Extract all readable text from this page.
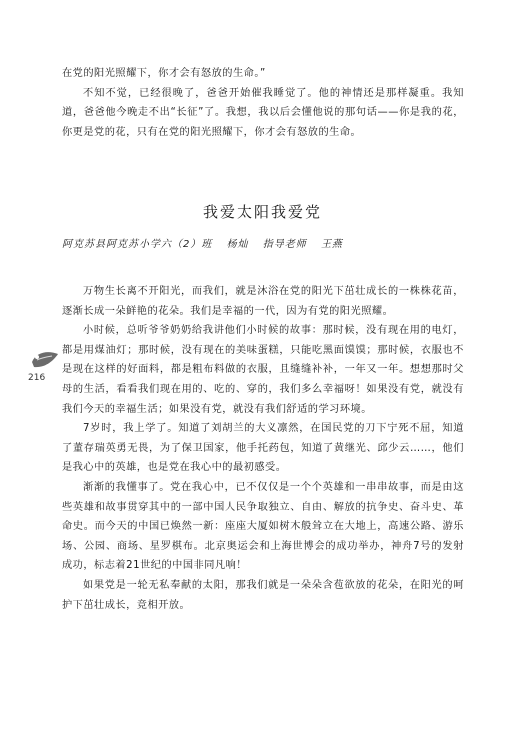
在党的阳光照耀下，你才会有怒放的生命。”

不知不觉，已经很晚了，爸爸开始催我睡觉了。他的神情还是那样凝重。我知道，爸爸他今晚走不出“长征”了。我想，我以后会懂他说的那句话——你是我的花，你更是党的花，只有在党的阳光照耀下，你才会有怒放的生命。

我爱太阳我爱党
阿克苏县阿克苏小学六（2）班 杨灿 指导老师 王燕

万物生长离不开阳光，而我们，就是沐浴在党的阳光下茁壮成长的一株株花苗，逐渐长成一朵鲜艳的花朵。我们是幸福的一代，因为有党的阳光照耀。

小时候，总听爷爷奶奶给我讲他们小时候的故事：那时候，没有现在用的电灯，都是用煤油灯；那时候，没有现在的美味蛋糕，只能吃黑面馍馍；那时候，衣服也不是现在这样的好面料，都是粗布料做的衣服，且缝缝补补，一年又一年。想想那时父母的生活，看看我们现在用的、吃的、穿的，我们多么幸福呀！如果没有党，就没有我们今天的幸福生活；如果没有党，就没有我们舒适的学习环境。

7岁时，我上学了。知道了刘胡兰的大义凛然，在国民党的刀下宁死不屈，知道了董存瑞英勇无畏，为了保卫国家，他手托药包，知道了黄继光、邱少云……，他们是我心中的英雄，也是党在我心中的最初感受。

渐渐的我懂事了。党在我心中，已不仅仅是一个个英雄和一串串故事，而是由这些英雄和故事贯穿其中的一部中国人民争取独立、自由、解放的抗争史、奋斗史、革命史。而今天的中国已焕然一新：座座大厦如树木般耸立在大地上，高速公路、游乐场、公园、商场、星罗棋布。北京奥运会和上海世博会的成功举办，神舟7号的发射成功，标志着21世纪的中国非同凡响！

如果党是一轮无私奉献的太阳，那我们就是一朵朵含苞欲放的花朵，在阳光的呵护下茁壮成长，竞相开放。

216
